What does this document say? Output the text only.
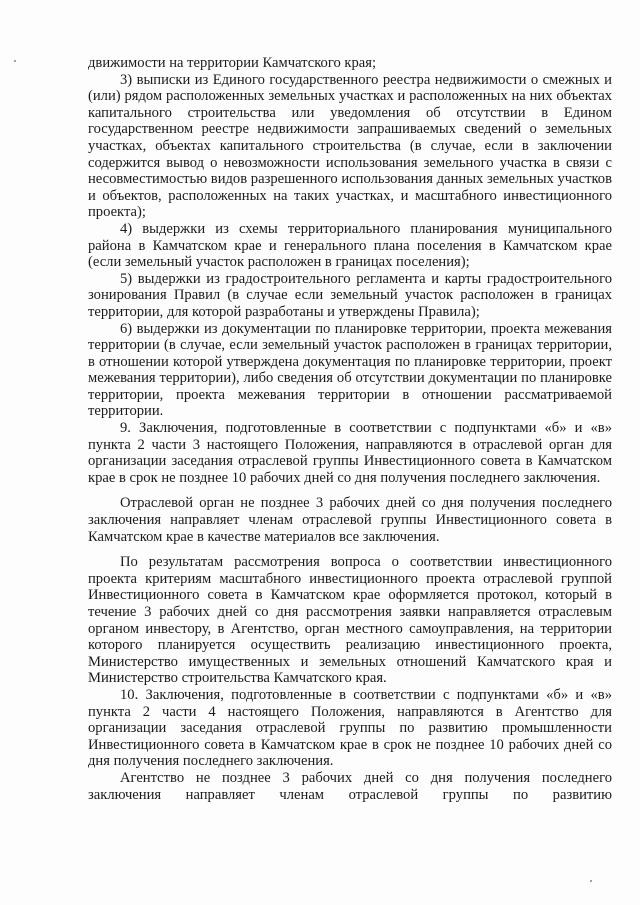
движимости на территории Камчатского края;

3) выписки из Единого государственного реестра недвижимости о смежных и (или) рядом расположенных земельных участках и расположенных на них объектах капитального строительства или уведомления об отсутствии в Едином государственном реестре недвижимости запрашиваемых сведений о земельных участках, объектах капитального строительства (в случае, если в заключении содержится вывод о невозможности использования земельного участка в связи с несовместимостью видов разрешенного использования данных земельных участков и объектов, расположенных на таких участках, и масштабного инвестиционного проекта);

4) выдержки из схемы территориального планирования муниципального района в Камчатском крае и генерального плана поселения в Камчатском крае (если земельный участок расположен в границах поселения);

5) выдержки из градостроительного регламента и карты градостроительного зонирования Правил (в случае если земельный участок расположен в границах территории, для которой разработаны и утверждены Правила);

6) выдержки из документации по планировке территории, проекта межевания территории (в случае, если земельный участок расположен в границах территории, в отношении которой утверждена документация по планировке территории, проект межевания территории), либо сведения об отсутствии документации по планировке территории, проекта межевания территории в отношении рассматриваемой территории.

9. Заключения, подготовленные в соответствии с подпунктами «б» и «в» пункта 2 части 3 настоящего Положения, направляются в отраслевой орган для организации заседания отраслевой группы Инвестиционного совета в Камчатском крае в срок не позднее 10 рабочих дней со дня получения последнего заключения.

Отраслевой орган не позднее 3 рабочих дней со дня получения последнего заключения направляет членам отраслевой группы Инвестиционного совета в Камчатском крае в качестве материалов все заключения.

По результатам рассмотрения вопроса о соответствии инвестиционного проекта критериям масштабного инвестиционного проекта отраслевой группой Инвестиционного совета в Камчатском крае оформляется протокол, который в течение 3 рабочих дней со дня рассмотрения заявки направляется отраслевым органом инвестору, в Агентство, орган местного самоуправления, на территории которого планируется осуществить реализацию инвестиционного проекта, Министерство имущественных и земельных отношений Камчатского края и Министерство строительства Камчатского края.

10. Заключения, подготовленные в соответствии с подпунктами «б» и «в» пункта 2 части 4 настоящего Положения, направляются в Агентство для организации заседания отраслевой группы по развитию промышленности Инвестиционного совета в Камчатском крае в срок не позднее 10 рабочих дней со дня получения последнего заключения.

Агентство не позднее 3 рабочих дней со дня получения последнего заключения направляет членам отраслевой группы по развитию
